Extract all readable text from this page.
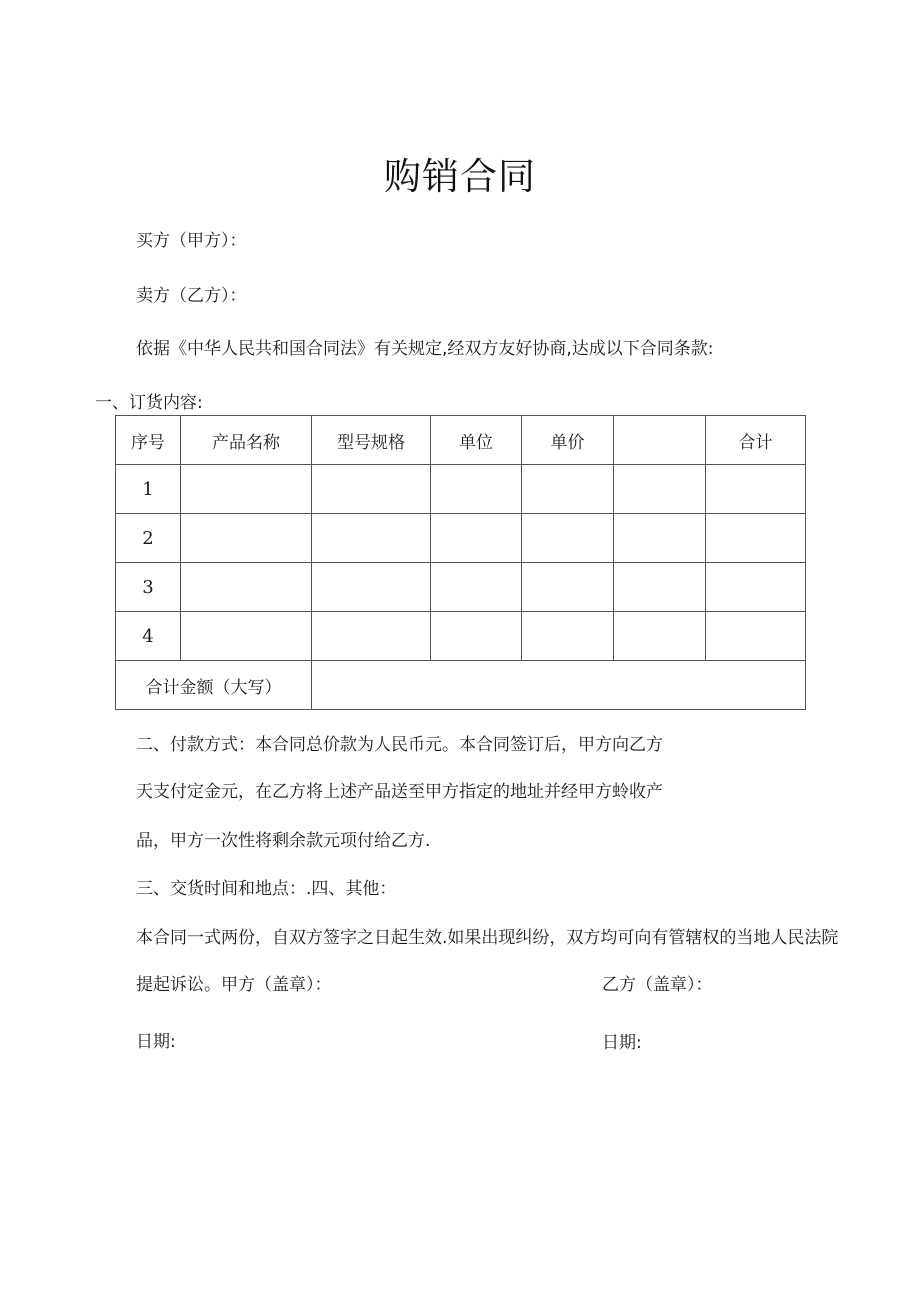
购销合同
买方（甲方）：
卖方（乙方）：
依据《中华人民共和国合同法》有关规定,经双方友好协商,达成以下合同条款:
一、订货内容:
序号	产品名称	型号规格	单位	单价		合计
1						
2						
3						
4						
合计金额（大写）						
二、付款方式：本合同总价款为人民币元。本合同签订后，甲方向乙方
天支付定金元，在乙方将上述产品送至甲方指定的地址并经甲方蛉收产
品，甲方一次性将剩余款元项付给乙方.
三、交货时间和地点：.四、其他：
本合同一式两份，自双方签字之日起生效.如果出现纠纷，双方均可向有管辖权的当地人民法院
提起诉讼。甲方（盖章）：	乙方（盖章）：
日期:	日期:
